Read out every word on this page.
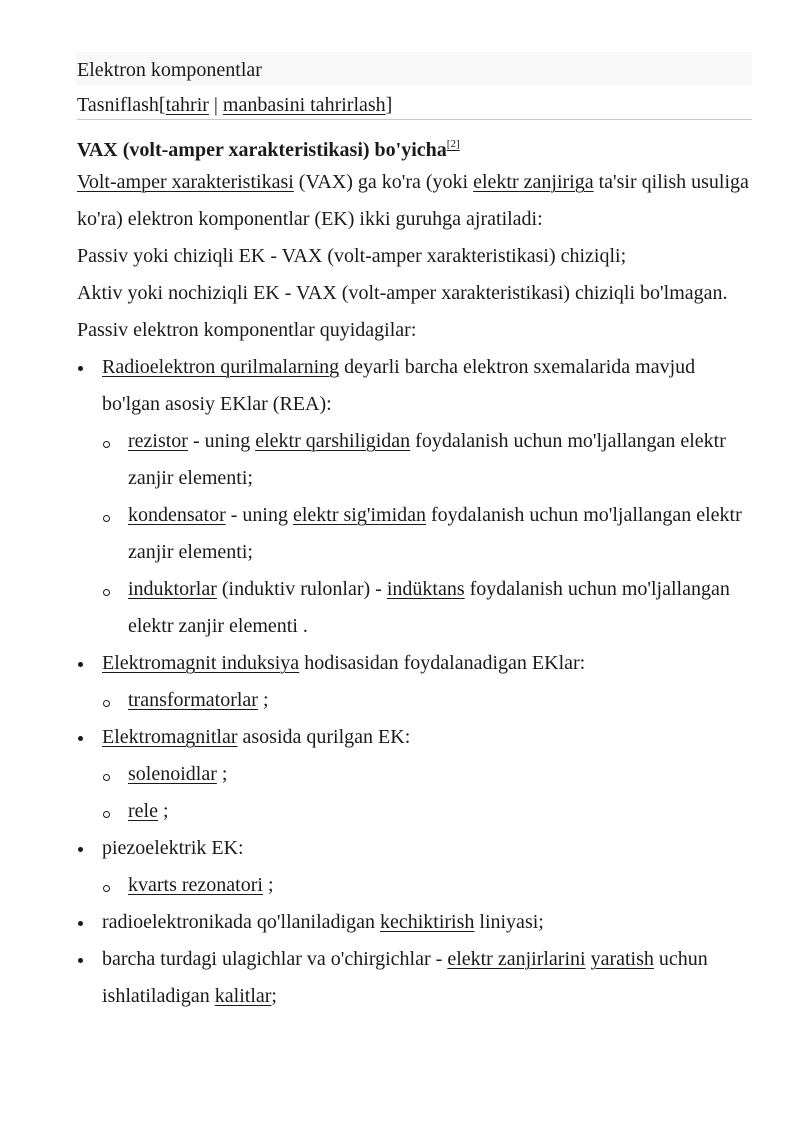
Elektron komponentlar
Tasniflash[tahrir | manbasini tahrirlash]
VAX (volt-amper xarakteristikasi) bo'yicha[2]

Volt-amper xarakteristikasi (VAX) ga ko'ra (yoki elektr zanjiriga ta'sir qilish usuliga ko'ra) elektron komponentlar (EK) ikki guruhga ajratiladi:

Passiv yoki chiziqli EK - VAX (volt-amper xarakteristikasi) chiziqli;

Aktiv yoki nochiziqli EK - VAX (volt-amper xarakteristikasi) chiziqli bo'lmagan.

Passiv elektron komponentlar quyidagilar:

Radioelektron qurilmalarning deyarli barcha elektron sxemalarida mavjud bo'lgan asosiy EKlar (REA):
rezistor - uning elektr qarshiligidan foydalanish uchun mo'ljallangan elektr zanjir elementi;
kondensator - uning elektr sig'imidan foydalanish uchun mo'ljallangan elektr zanjir elementi;
induktorlar (induktiv rulonlar) - indüktans foydalanish uchun mo'ljallangan elektr zanjir elementi .
Elektromagnit induksiya hodisasidan foydalanadigan EKlar:
transformatorlar ;
Elektromagnitlar asosida qurilgan EK:
solenoidlar ;
rele ;
piezoelektrik EK:
kvarts rezonatori ;
radioelektronikada qo'llaniladigan kechiktirish liniyasi;
barcha turdagi ulagichlar va o'chirgichlar - elektr zanjirlarini yaratish uchun ishlatiladigan kalitlar;
